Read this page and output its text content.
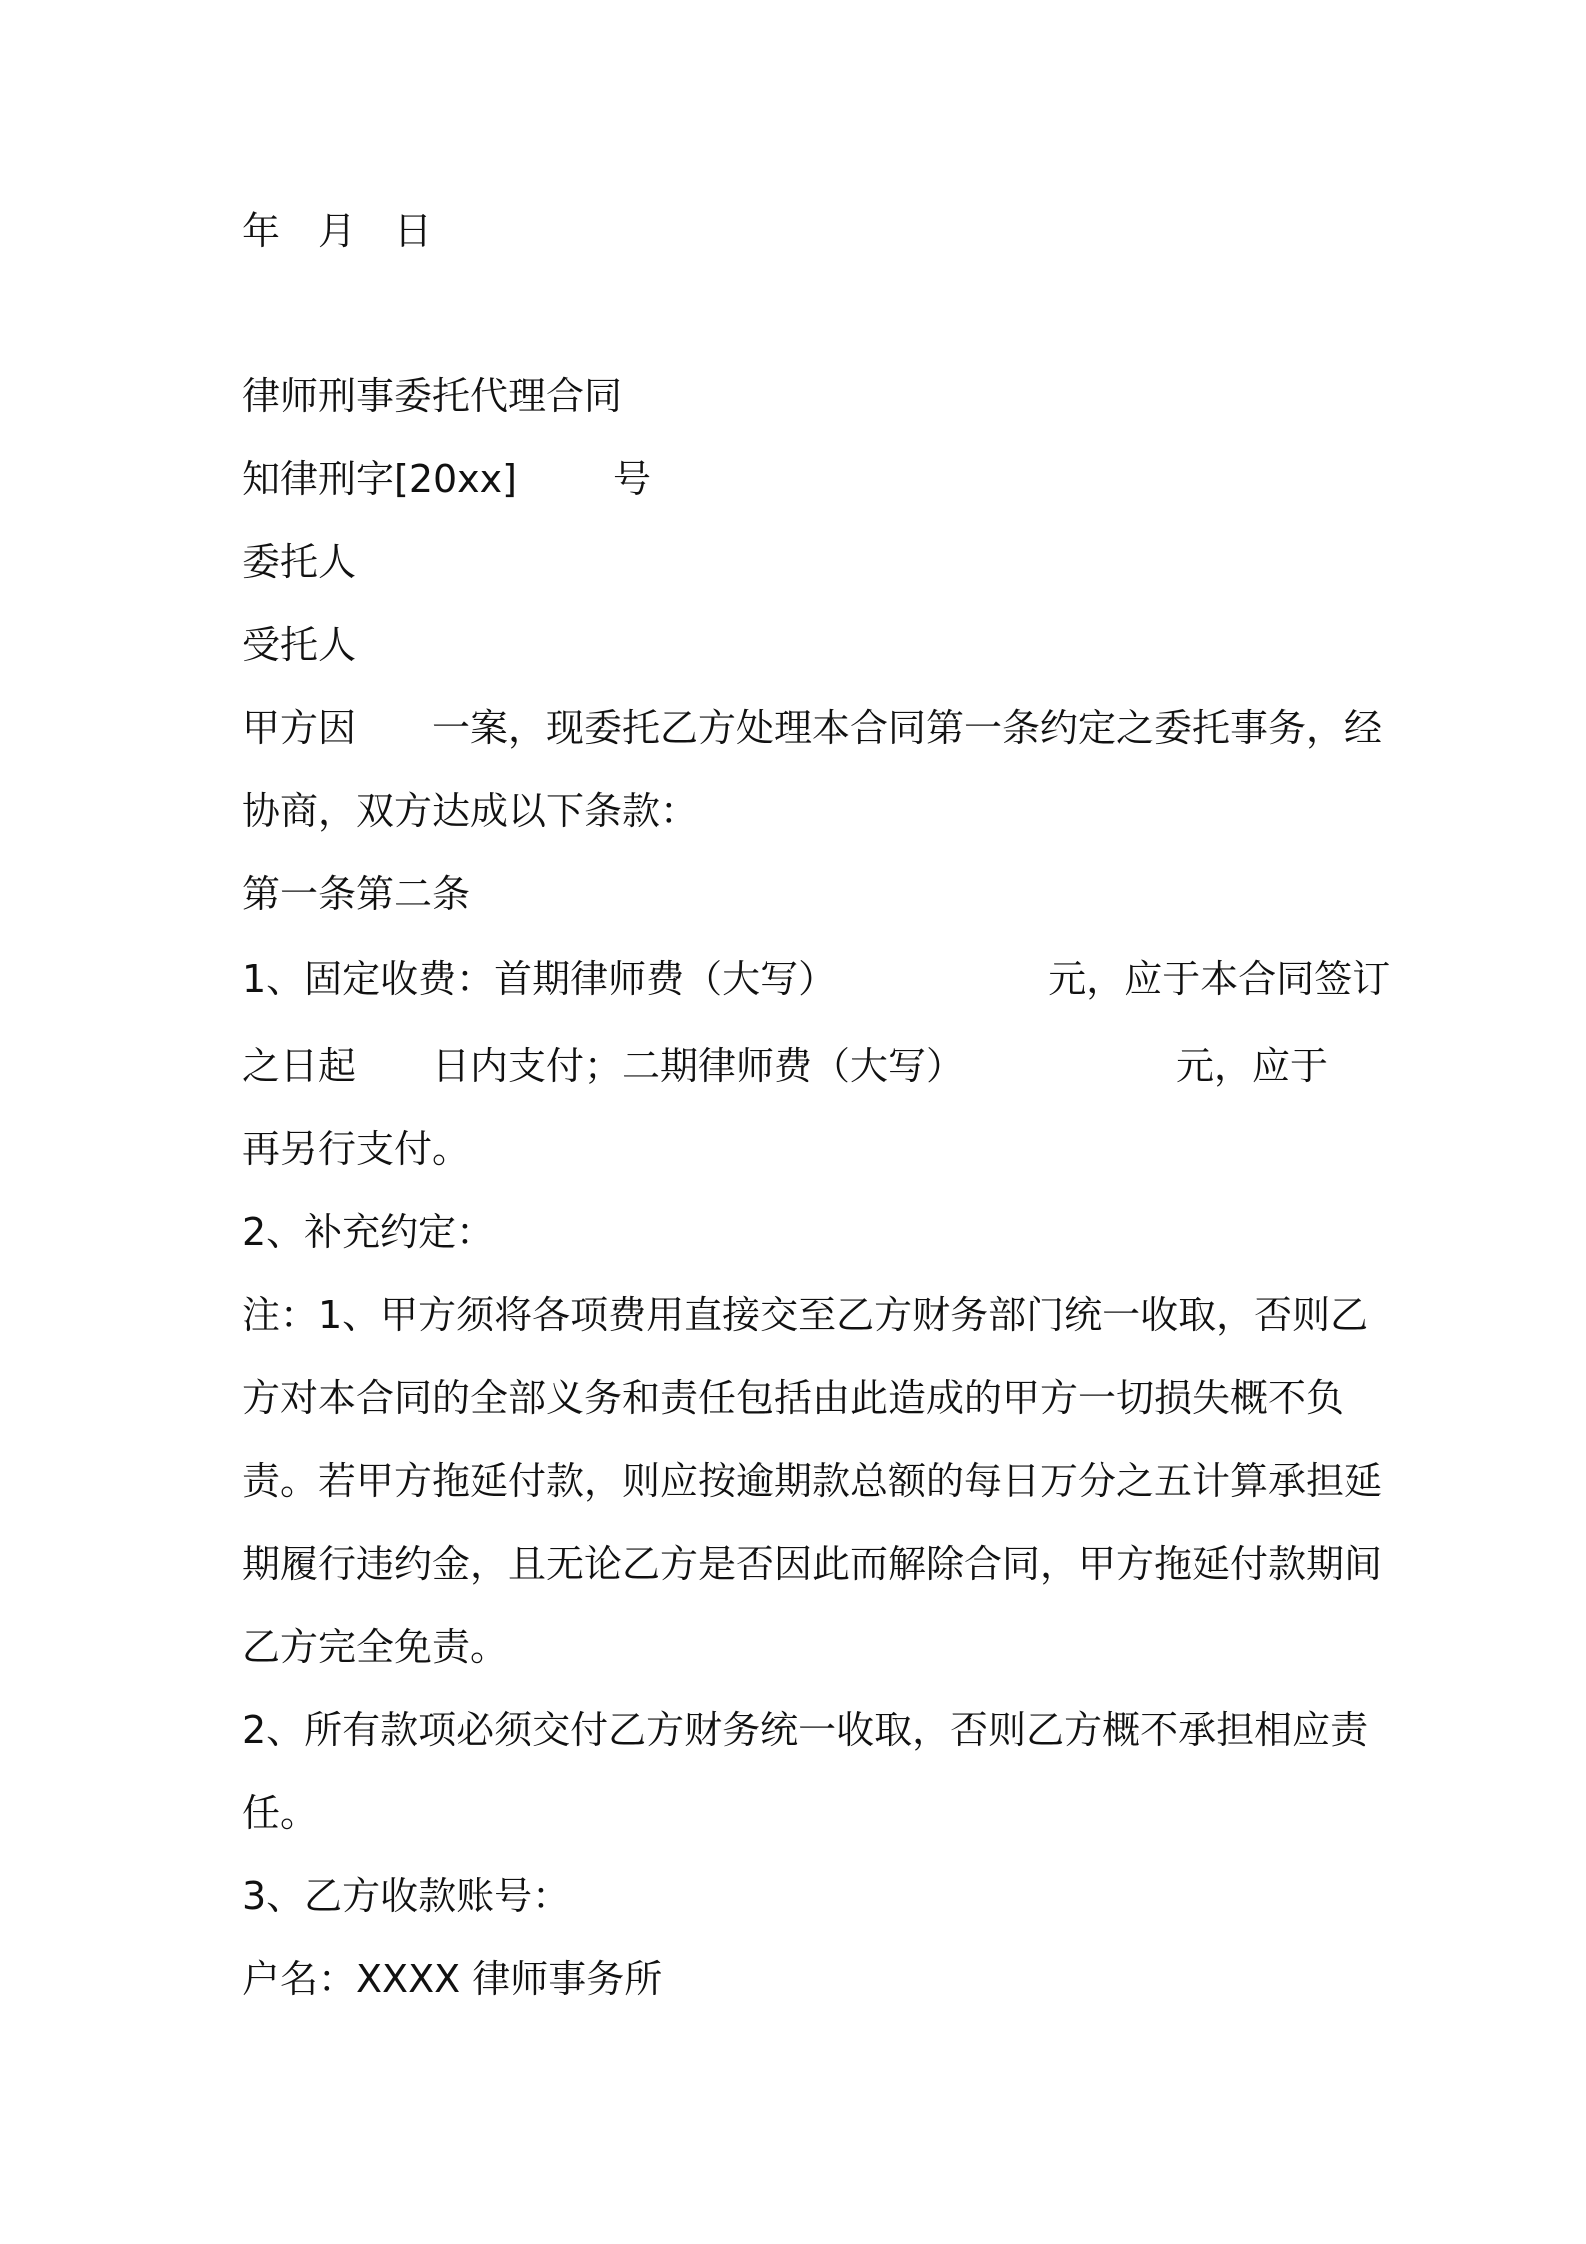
年 月 日

律师刑事委托代理合同

知律刑字[20xx]	号

委托人

受托人

甲方因 一案，现委托乙方处理本合同第一条约定之委托事务，经

协商，双方达成以下条款：

第一条第二条

1、固定收费：首期律师费（大写）	元，应于本合同签订

之日起 日内支付；二期律师费（大写）	元，应于

再另行支付。

2、补充约定：

注：1、甲方须将各项费用直接交至乙方财务部门统一收取，否则乙

方对本合同的全部义务和责任包括由此造成的甲方一切损失概不负

责。若甲方拖延付款，则应按逾期款总额的每日万分之五计算承担延

期履行违约金，且无论乙方是否因此而解除合同，甲方拖延付款期间

乙方完全免责。

2、所有款项必须交付乙方财务统一收取，否则乙方概不承担相应责

任。

3、乙方收款账号：

户名：XXXX 律师事务所
